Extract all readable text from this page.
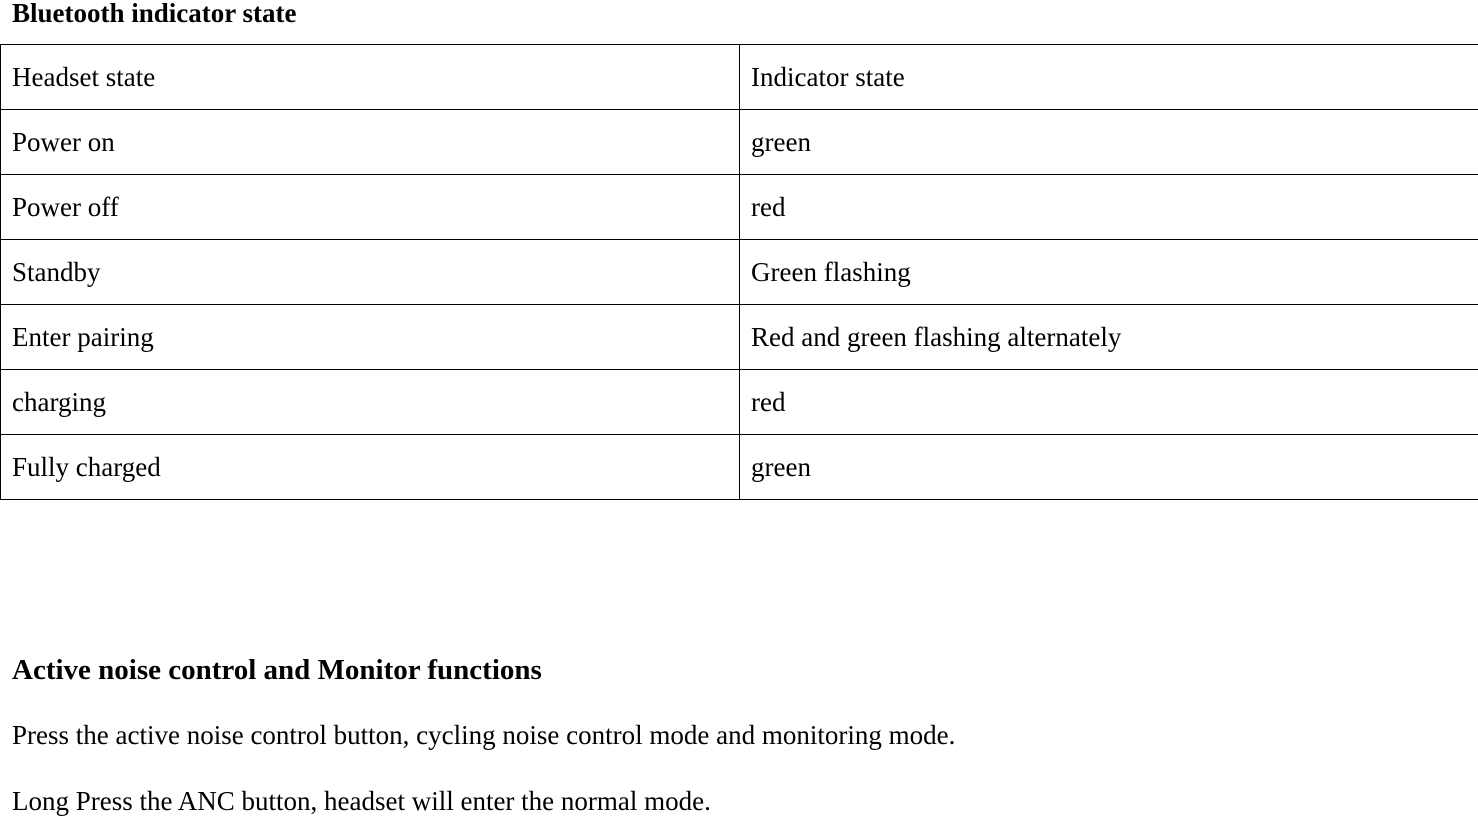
Bluetooth indicator state
Headset state	Indicator state
Power on	green
Power off	red
Standby	Green flashing
Enter pairing	Red and green flashing alternately
charging	red
Fully charged	green
Active noise control and Monitor functions

Press the active noise control button, cycling noise control mode and monitoring mode.

Long Press the ANC button, headset will enter the normal mode.
